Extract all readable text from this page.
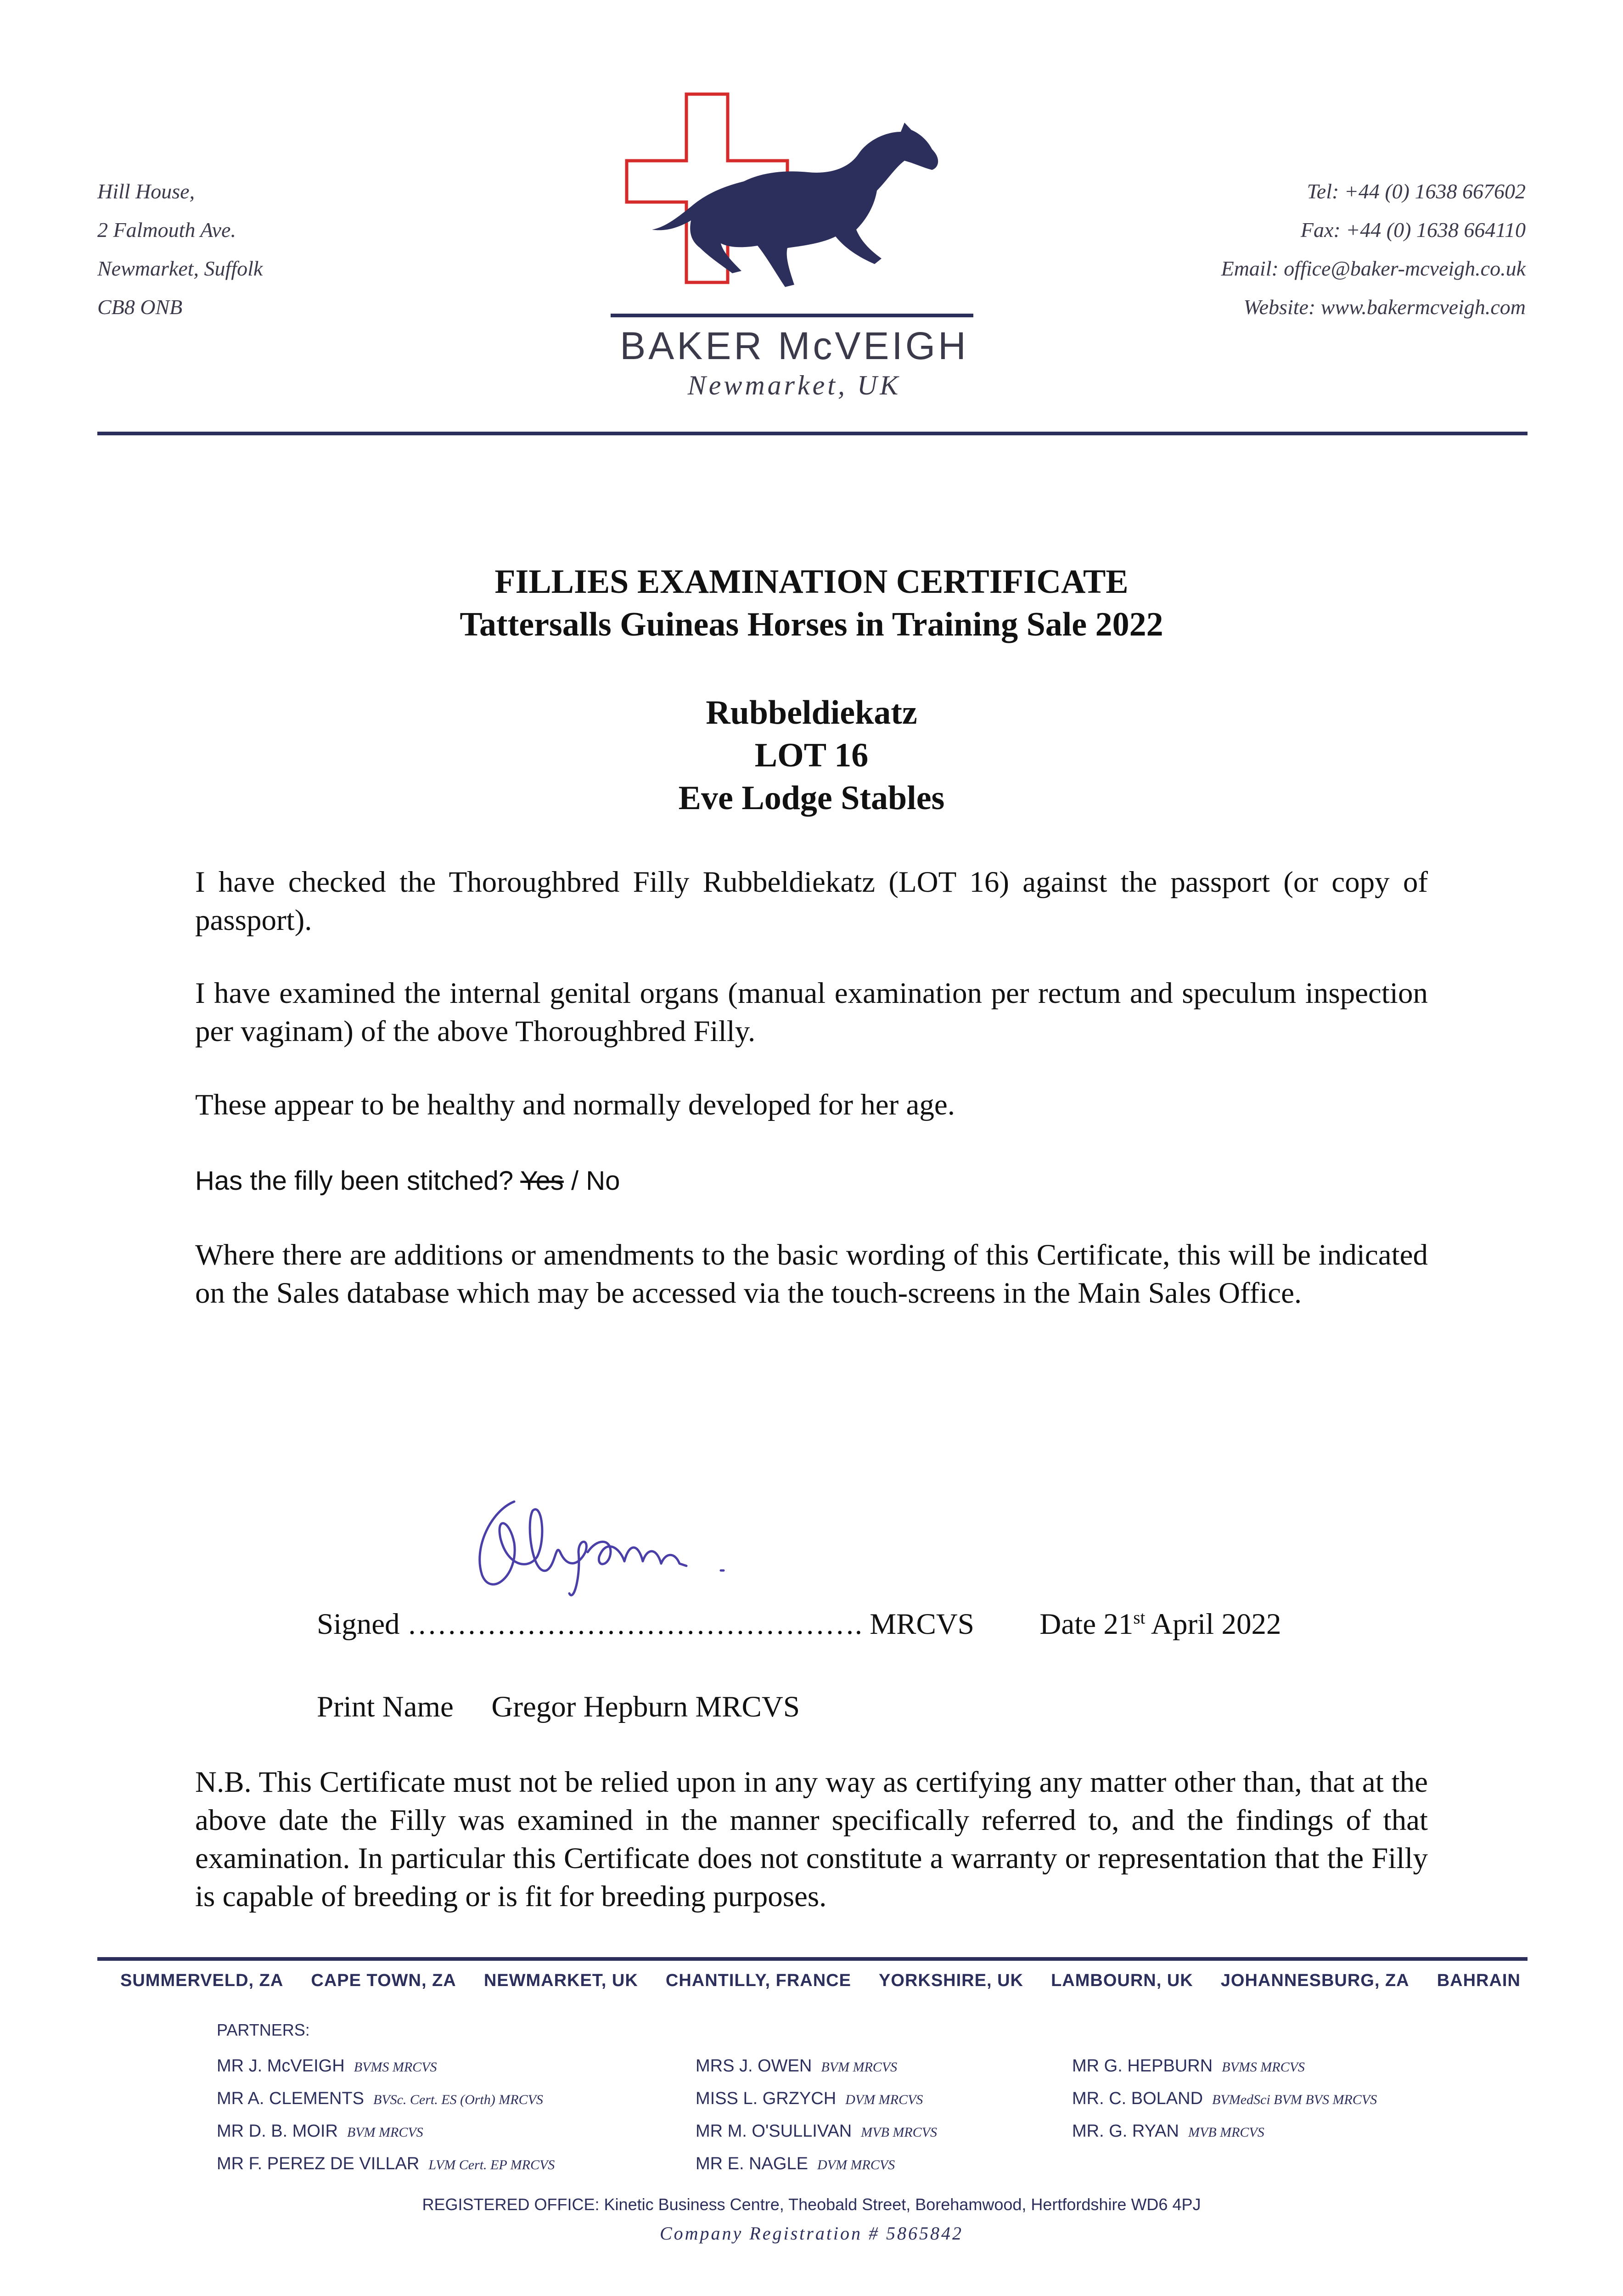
Hill House,
2 Falmouth Ave.
Newmarket, Suffolk
CB8 ONB
BAKER McVEIGH
Newmarket, UK
Tel: +44 (0) 1638 667602
Fax: +44 (0) 1638 664110
Email: office@baker-mcveigh.co.uk
Website: www.bakermcveigh.com
FILLIES EXAMINATION CERTIFICATE
Tattersalls Guineas Horses in Training Sale 2022
Rubbeldiekatz
LOT 16
Eve Lodge Stables
I have checked the Thoroughbred Filly Rubbeldiekatz (LOT 16) against the passport (or copy of passport).
I have examined the internal genital organs (manual examination per rectum and speculum inspection per vaginam) of the above Thoroughbred Filly.
These appear to be healthy and normally developed for her age.
Has the filly been stitched? Yes / No
Where there are additions or amendments to the basic wording of this Certificate, this will be indicated on the Sales database which may be accessed via the touch-screens in the Main Sales Office.
Signed ………………………………………. MRCVS Date 21st April 2022
Print Name Gregor Hepburn MRCVS
N.B. This Certificate must not be relied upon in any way as certifying any matter other than, that at the above date the Filly was examined in the manner specifically referred to, and the findings of that examination. In particular this Certificate does not constitute a warranty or representation that the Filly is capable of breeding or is fit for breeding purposes.
SUMMERVELD, ZA CAPE TOWN, ZA NEWMARKET, UK CHANTILLY, FRANCE YORKSHIRE, UK LAMBOURN, UK JOHANNESBURG, ZA BAHRAIN
PARTNERS:
MR J. McVEIGH BVMS MRCVS
MR A. CLEMENTS BVSc. Cert. ES (Orth) MRCVS
MR D. B. MOIR BVM MRCVS
MR F. PEREZ DE VILLAR LVM Cert. EP MRCVS
MRS J. OWEN BVM MRCVS
MISS L. GRZYCH DVM MRCVS
MR M. O'SULLIVAN MVB MRCVS
MR E. NAGLE DVM MRCVS
MR G. HEPBURN BVMS MRCVS
MR. C. BOLAND BVMedSci BVM BVS MRCVS
MR. G. RYAN MVB MRCVS
REGISTERED OFFICE: Kinetic Business Centre, Theobald Street, Borehamwood, Hertfordshire WD6 4PJ
Company Registration # 5865842
